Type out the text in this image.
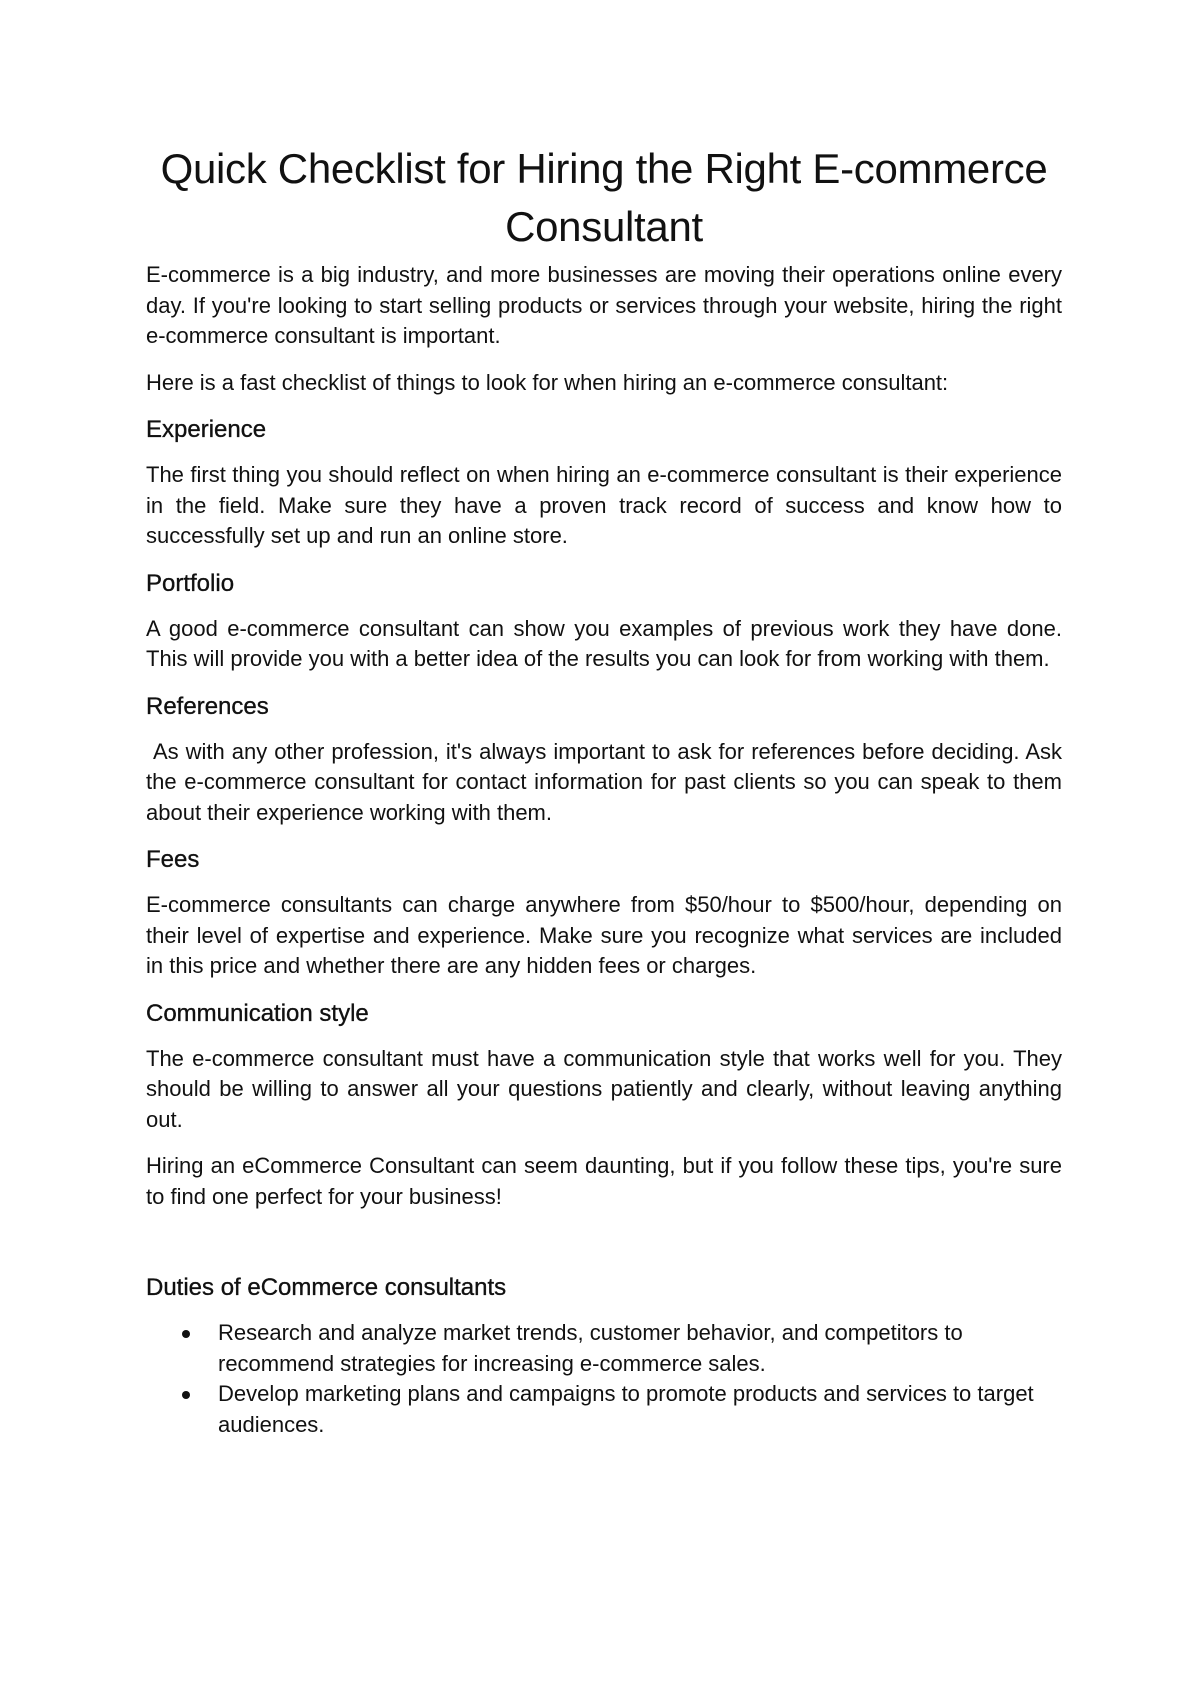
Quick Checklist for Hiring the Right E-commerce Consultant

E-commerce is a big industry, and more businesses are moving their operations online every day. If you're looking to start selling products or services through your website, hiring the right e-commerce consultant is important.

Here is a fast checklist of things to look for when hiring an e-commerce consultant:

Experience

The first thing you should reflect on when hiring an e-commerce consultant is their experience in the field. Make sure they have a proven track record of success and know how to successfully set up and run an online store.

Portfolio

A good e-commerce consultant can show you examples of previous work they have done. This will provide you with a better idea of the results you can look for from working with them.

References

As with any other profession, it's always important to ask for references before deciding. Ask the e-commerce consultant for contact information for past clients so you can speak to them about their experience working with them.

Fees

E-commerce consultants can charge anywhere from $50/hour to $500/hour, depending on their level of expertise and experience. Make sure you recognize what services are included in this price and whether there are any hidden fees or charges.

Communication style

The e-commerce consultant must have a communication style that works well for you. They should be willing to answer all your questions patiently and clearly, without leaving anything out.

Hiring an eCommerce Consultant can seem daunting, but if you follow these tips, you're sure to find one perfect for your business!

Duties of eCommerce consultants
Research and analyze market trends, customer behavior, and competitors to recommend strategies for increasing e-commerce sales.
Develop marketing plans and campaigns to promote products and services to target audiences.
